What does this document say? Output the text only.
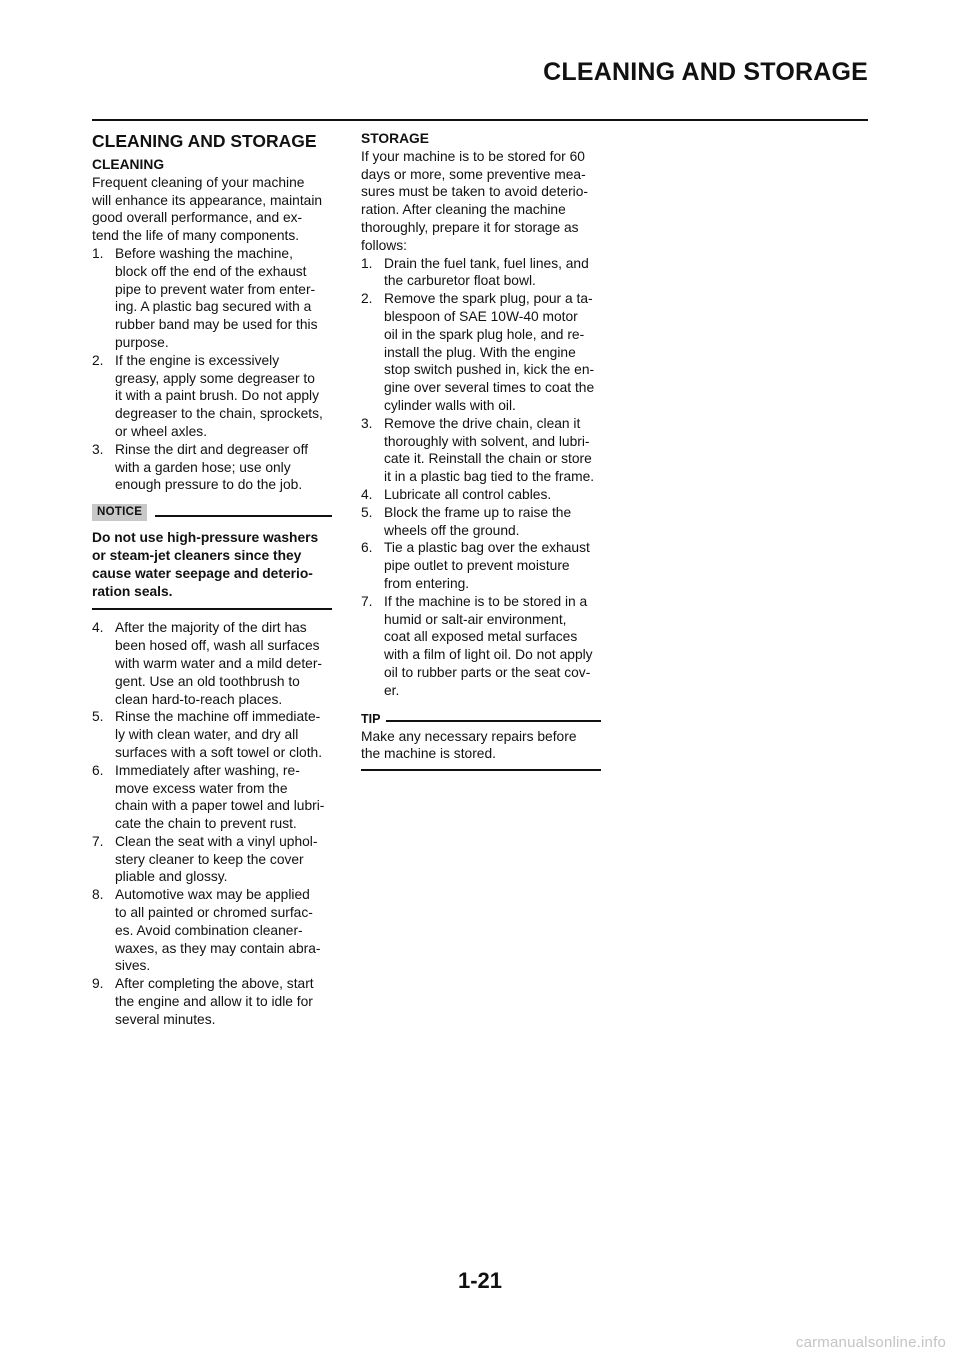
CLEANING AND STORAGE
CLEANING AND STORAGE
CLEANING

Frequent cleaning of your machine
will enhance its appearance, maintain
good overall performance, and ex-
tend the life of many components.

1. Before washing the machine,
block off the end of the exhaust
pipe to prevent water from enter-
ing. A plastic bag secured with a
rubber band may be used for this
purpose.
2. If the engine is excessively
greasy, apply some degreaser to
it with a paint brush. Do not apply
degreaser to the chain, sprockets,
or wheel axles.
3. Rinse the dirt and degreaser off
with a garden hose; use only
enough pressure to do the job.
NOTICE

Do not use high-pressure washers
or steam-jet cleaners since they
cause water seepage and deterio-
ration seals.

4. After the majority of the dirt has
been hosed off, wash all surfaces
with warm water and a mild deter-
gent. Use an old toothbrush to
clean hard-to-reach places.
5. Rinse the machine off immediate-
ly with clean water, and dry all
surfaces with a soft towel or cloth.
6. Immediately after washing, re-
move excess water from the
chain with a paper towel and lubri-
cate the chain to prevent rust.
7. Clean the seat with a vinyl uphol-
stery cleaner to keep the cover
pliable and glossy.
8. Automotive wax may be applied
to all painted or chromed surfac-
es. Avoid combination cleaner-
waxes, as they may contain abra-
sives.
9. After completing the above, start
the engine and allow it to idle for
several minutes.
STORAGE

If your machine is to be stored for 60
days or more, some preventive mea-
sures must be taken to avoid deterio-
ration. After cleaning the machine
thoroughly, prepare it for storage as
follows:

1. Drain the fuel tank, fuel lines, and
the carburetor float bowl.
2. Remove the spark plug, pour a ta-
blespoon of SAE 10W-40 motor
oil in the spark plug hole, and re-
install the plug. With the engine
stop switch pushed in, kick the en-
gine over several times to coat the
cylinder walls with oil.
3. Remove the drive chain, clean it
thoroughly with solvent, and lubri-
cate it. Reinstall the chain or store
it in a plastic bag tied to the frame.
4. Lubricate all control cables.
5. Block the frame up to raise the
wheels off the ground.
6. Tie a plastic bag over the exhaust
pipe outlet to prevent moisture
from entering.
7. If the machine is to be stored in a
humid or salt-air environment,
coat all exposed metal surfaces
with a film of light oil. Do not apply
oil to rubber parts or the seat cov-
er.
TIP

Make any necessary repairs before
the machine is stored.

1-21
carmanualsonline.info
